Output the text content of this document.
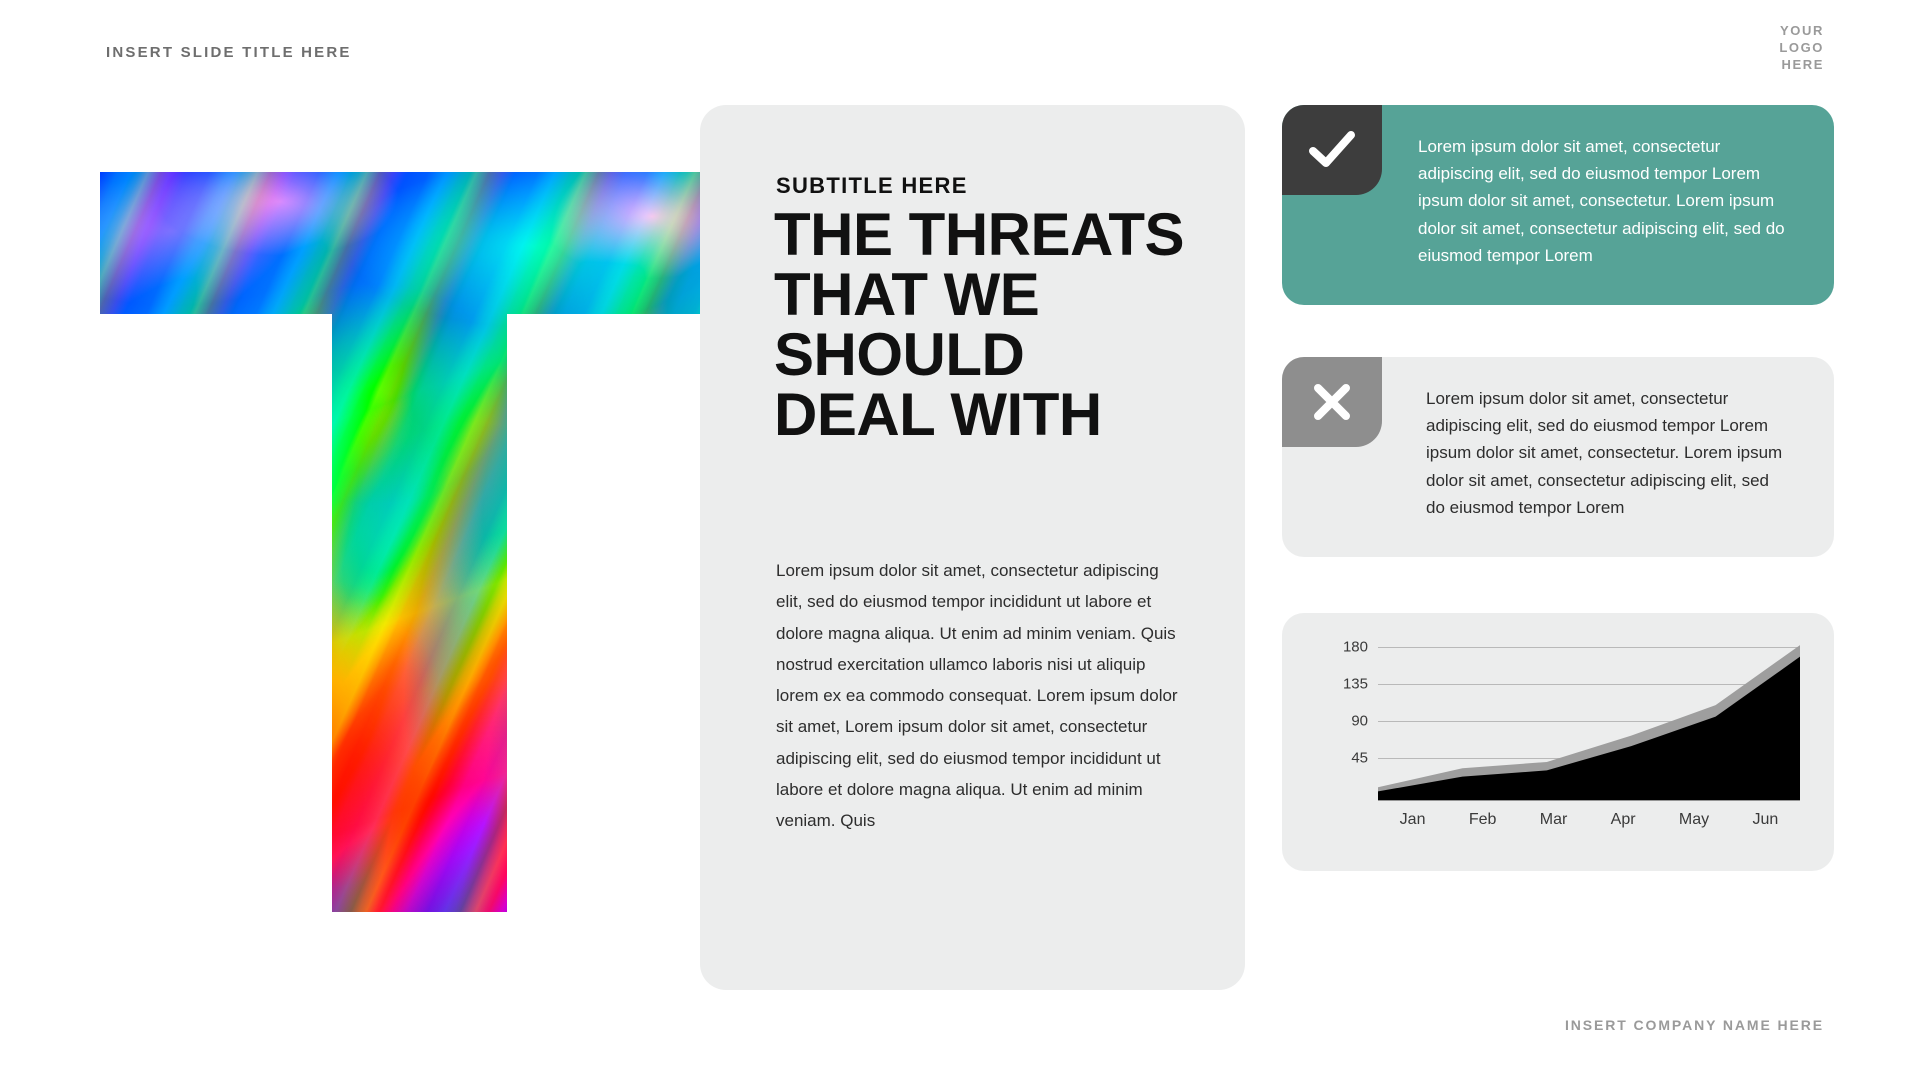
INSERT SLIDE TITLE HERE
YOUR
LOGO
HERE
SUBTITLE HERE
THE THREATS THAT WE SHOULD DEAL WITH
Lorem ipsum dolor sit amet, consectetur adipiscing elit, sed do eiusmod tempor incididunt ut labore et dolore magna aliqua. Ut enim ad minim veniam. Quis nostrud exercitation ullamco laboris nisi ut aliquip lorem ex ea commodo consequat. Lorem ipsum dolor sit amet, Lorem ipsum dolor sit amet, consectetur adipiscing elit, sed do eiusmod tempor incididunt ut labore et dolore magna aliqua. Ut enim ad minim veniam. Quis
Lorem ipsum dolor sit amet, consectetur adipiscing elit, sed do eiusmod tempor Lorem ipsum dolor sit amet, consectetur. Lorem ipsum dolor sit amet, consectetur adipiscing elit, sed do eiusmod tempor Lorem
Lorem ipsum dolor sit amet, consectetur adipiscing elit, sed do eiusmod tempor Lorem ipsum dolor sit amet, consectetur. Lorem ipsum dolor sit amet, consectetur adipiscing elit, sed do eiusmod tempor Lorem
180
135
90
45
Jan	Feb	Mar	Apr	May	Jun
INSERT COMPANY NAME HERE
